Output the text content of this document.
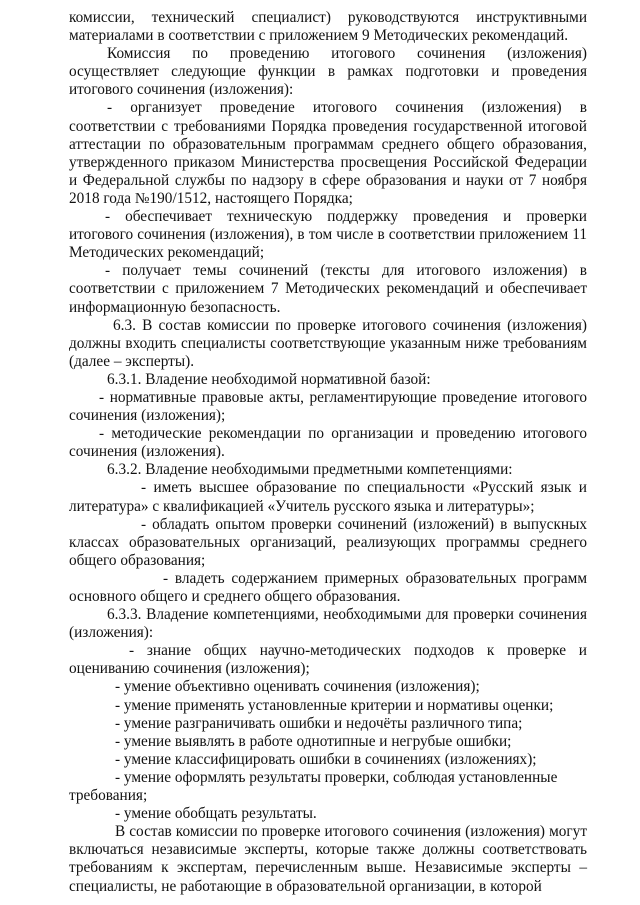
комиссии, технический специалист) руководствуются инструктивными материалами в соответствии с приложением 9 Методических рекомендаций.

Комиссия по проведению итогового сочинения (изложения) осуществляет следующие функции в рамках подготовки и проведения итогового сочинения (изложения):

- организует проведение итогового сочинения (изложения) в соответствии с требованиями Порядка проведения государственной итоговой аттестации по образовательным программам среднего общего образования, утвержденного приказом Министерства просвещения Российской Федерации и Федеральной службы по надзору в сфере образования и науки от 7 ноября 2018 года №190/1512, настоящего Порядка;

- обеспечивает техническую поддержку проведения и проверки итогового сочинения (изложения), в том числе в соответствии приложением 11 Методических рекомендаций;

- получает темы сочинений (тексты для итогового изложения) в соответствии с приложением 7 Методических рекомендаций и обеспечивает информационную безопасность.

6.3. В состав комиссии по проверке итогового сочинения (изложения) должны входить специалисты соответствующие указанным ниже требованиям (далее – эксперты).

6.3.1. Владение необходимой нормативной базой:

- нормативные правовые акты, регламентирующие проведение итогового сочинения (изложения);

- методические рекомендации по организации и проведению итогового сочинения (изложения).

6.3.2. Владение необходимыми предметными компетенциями:

- иметь высшее образование по специальности «Русский язык и литература» с квалификацией «Учитель русского языка и литературы»;

- обладать опытом проверки сочинений (изложений) в выпускных классах образовательных организаций, реализующих программы среднего общего образования;

- владеть содержанием примерных образовательных программ основного общего и среднего общего образования.

6.3.3. Владение компетенциями, необходимыми для проверки сочинения (изложения):

- знание общих научно-методических подходов к проверке и оцениванию сочинения (изложения);

- умение объективно оценивать сочинения (изложения);

- умение применять установленные критерии и нормативы оценки;

- умение разграничивать ошибки и недочёты различного типа;

- умение выявлять в работе однотипные и негрубые ошибки;

- умение классифицировать ошибки в сочинениях (изложениях);

- умение оформлять результаты проверки, соблюдая установленные требования;

- умение обобщать результаты.

В состав комиссии по проверке итогового сочинения (изложения) могут включаться независимые эксперты, которые также должны соответствовать требованиям к экспертам, перечисленным выше. Независимые эксперты – специалисты, не работающие в образовательной организации, в которой
